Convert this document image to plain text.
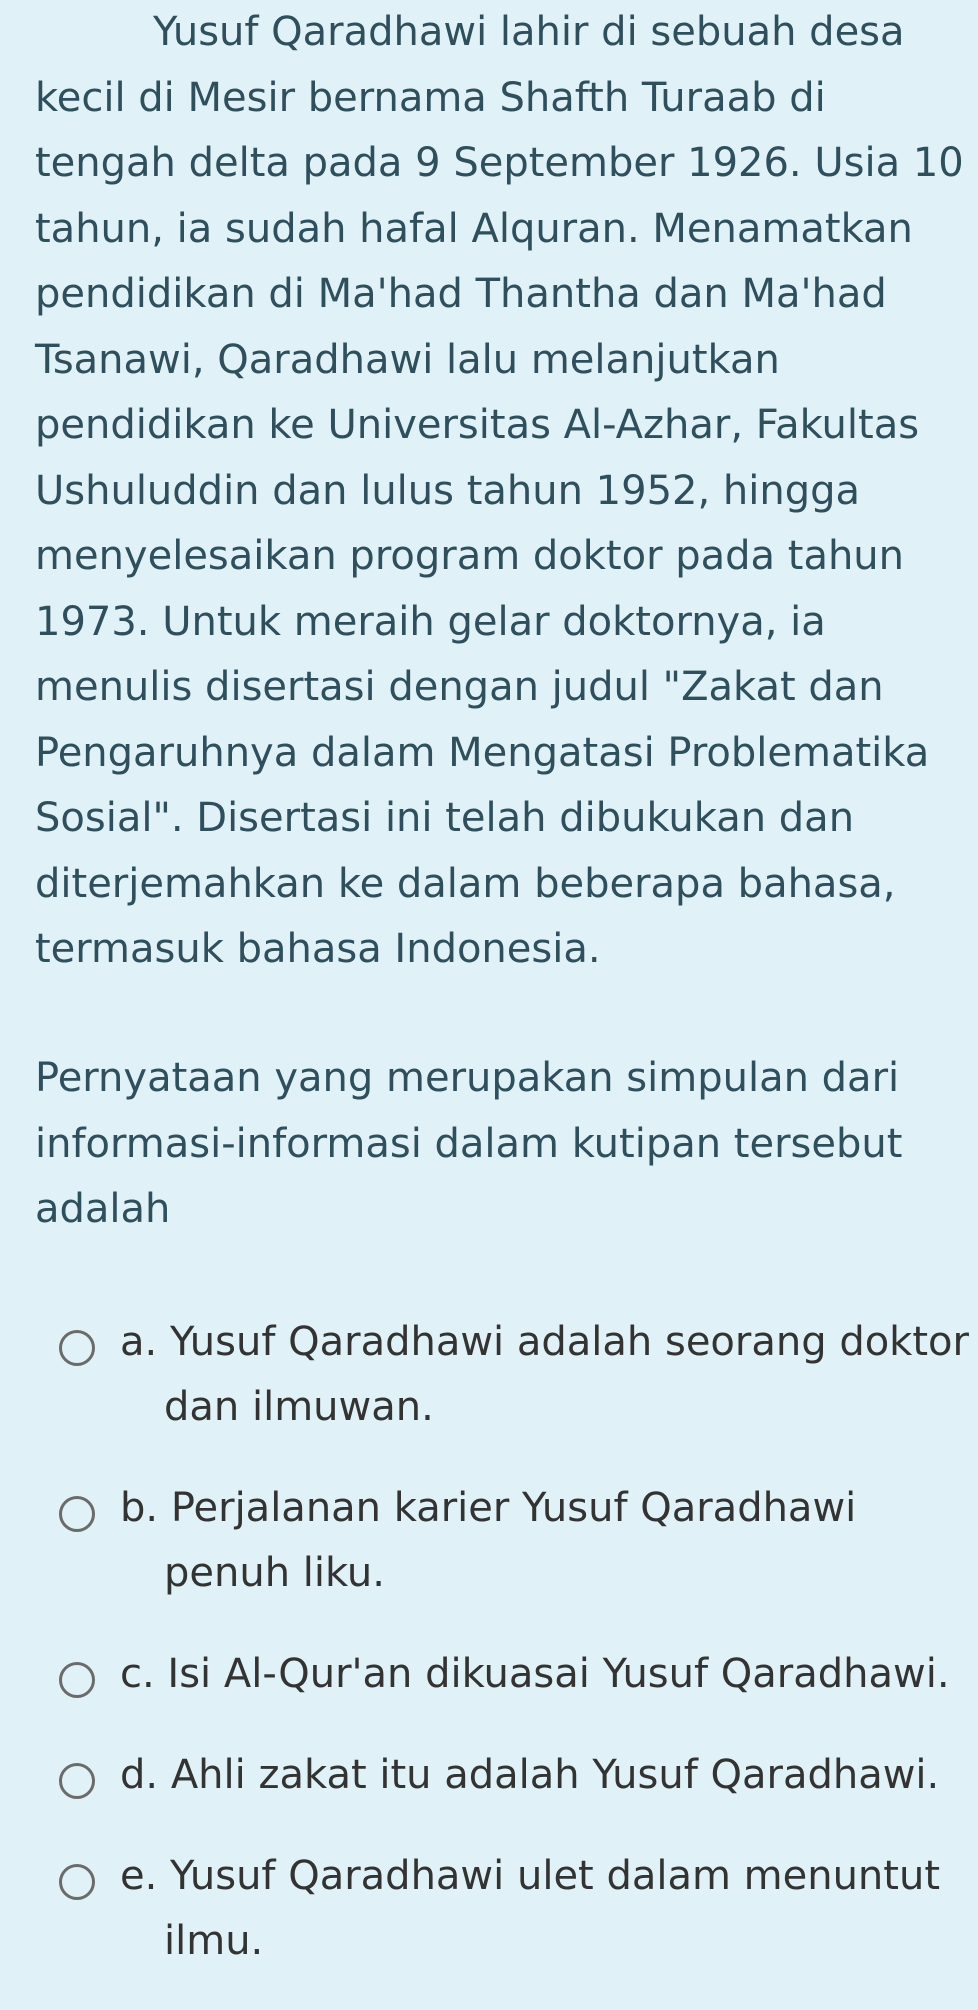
Yusuf Qaradhawi lahir di sebuah desa kecil di Mesir bernama Shafth Turaab di tengah delta pada 9 September 1926. Usia 10 tahun, ia sudah hafal Alquran. Menamatkan pendidikan di Ma'had Thantha dan Ma'had Tsanawi, Qaradhawi lalu melanjutkan pendidikan ke Universitas Al-Azhar, Fakultas Ushuluddin dan lulus tahun 1952, hingga menyelesaikan program doktor pada tahun 1973. Untuk meraih gelar doktornya, ia menulis disertasi dengan judul "Zakat dan Pengaruhnya dalam Mengatasi Problematika Sosial". Disertasi ini telah dibukukan dan diterjemahkan ke dalam beberapa bahasa, termasuk bahasa Indonesia.

Pernyataan yang merupakan simpulan dari informasi-informasi dalam kutipan tersebut adalah
a. Yusuf Qaradhawi adalah seorang doktor dan ilmuwan.
b. Perjalanan karier Yusuf Qaradhawi penuh liku.
c. Isi Al-Qur'an dikuasai Yusuf Qaradhawi.
d. Ahli zakat itu adalah Yusuf Qaradhawi.
e. Yusuf Qaradhawi ulet dalam menuntut ilmu.
